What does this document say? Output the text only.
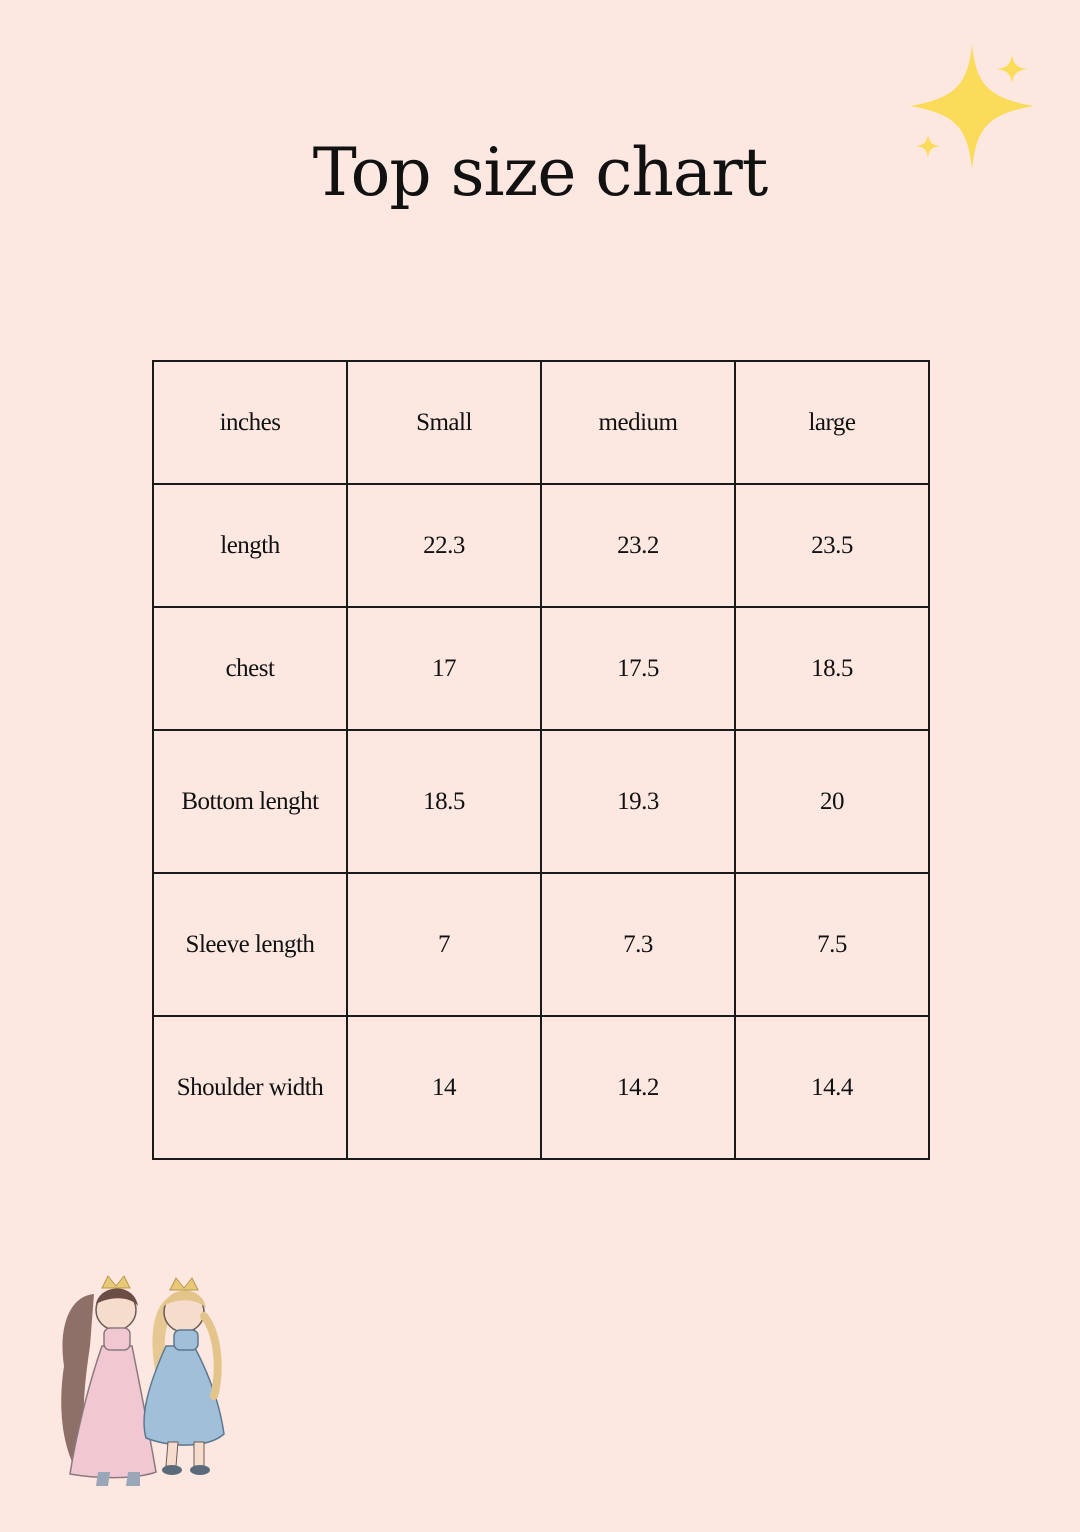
Top size chart
inches	Small	medium	large
length	22.3	23.2	23.5
chest	17	17.5	18.5
Bottom lenght	18.5	19.3	20
Sleeve length	7	7.3	7.5
Shoulder width	14	14.2	14.4
